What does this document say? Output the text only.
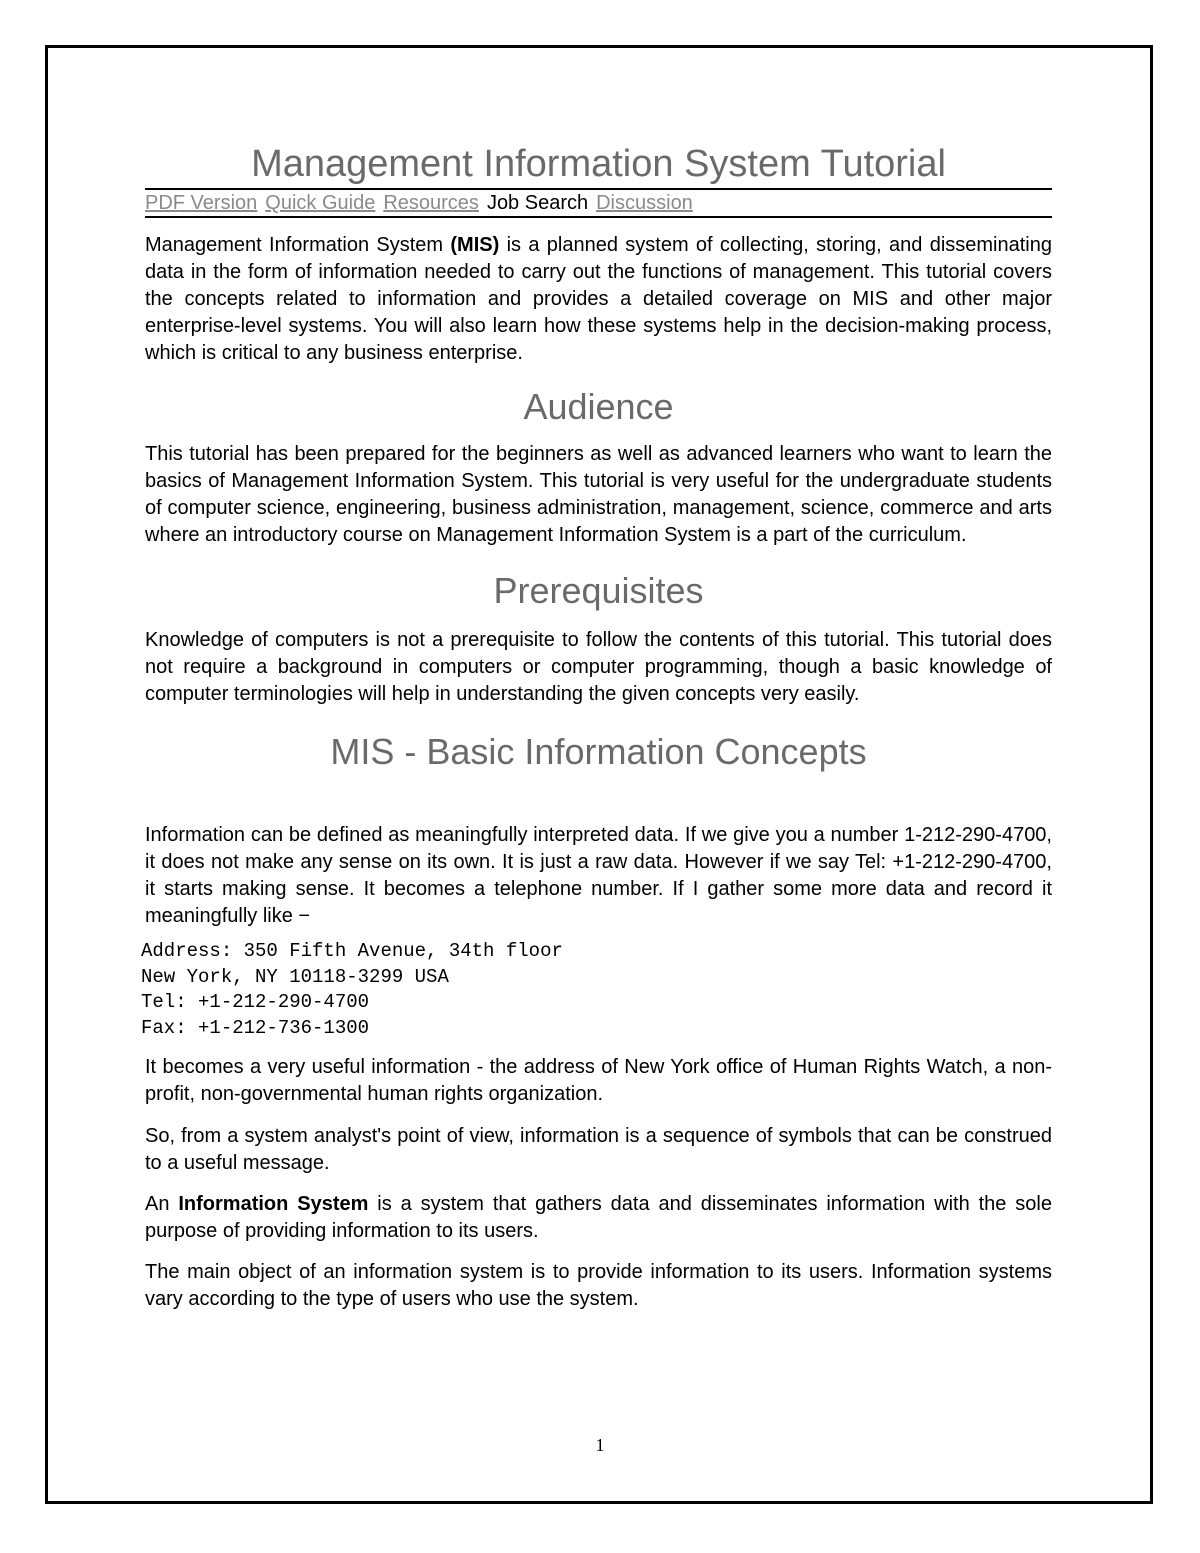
Management Information System Tutorial
PDF Version Quick Guide Resources Job Search Discussion

Management Information System (MIS) is a planned system of collecting, storing, and disseminating data in the form of information needed to carry out the functions of management. This tutorial covers the concepts related to information and provides a detailed coverage on MIS and other major enterprise-level systems. You will also learn how these systems help in the decision-making process, which is critical to any business enterprise.

Audience

This tutorial has been prepared for the beginners as well as advanced learners who want to learn the basics of Management Information System. This tutorial is very useful for the undergraduate students of computer science, engineering, business administration, management, science, commerce and arts where an introductory course on Management Information System is a part of the curriculum.

Prerequisites

Knowledge of computers is not a prerequisite to follow the contents of this tutorial. This tutorial does not require a background in computers or computer programming, though a basic knowledge of computer terminologies will help in understanding the given concepts very easily.

MIS - Basic Information Concepts

Information can be defined as meaningfully interpreted data. If we give you a number 1-212-290-4700, it does not make any sense on its own. It is just a raw data. However if we say Tel: +1-212-290-4700, it starts making sense. It becomes a telephone number. If I gather some more data and record it meaningfully like −

Address: 350 Fifth Avenue, 34th floor
New York, NY 10118-3299 USA
Tel: +1-212-290-4700
Fax: +1-212-736-1300

It becomes a very useful information - the address of New York office of Human Rights Watch, a non-profit, non-governmental human rights organization.

So, from a system analyst's point of view, information is a sequence of symbols that can be construed to a useful message.

An Information System is a system that gathers data and disseminates information with the sole purpose of providing information to its users.

The main object of an information system is to provide information to its users. Information systems vary according to the type of users who use the system.

1
